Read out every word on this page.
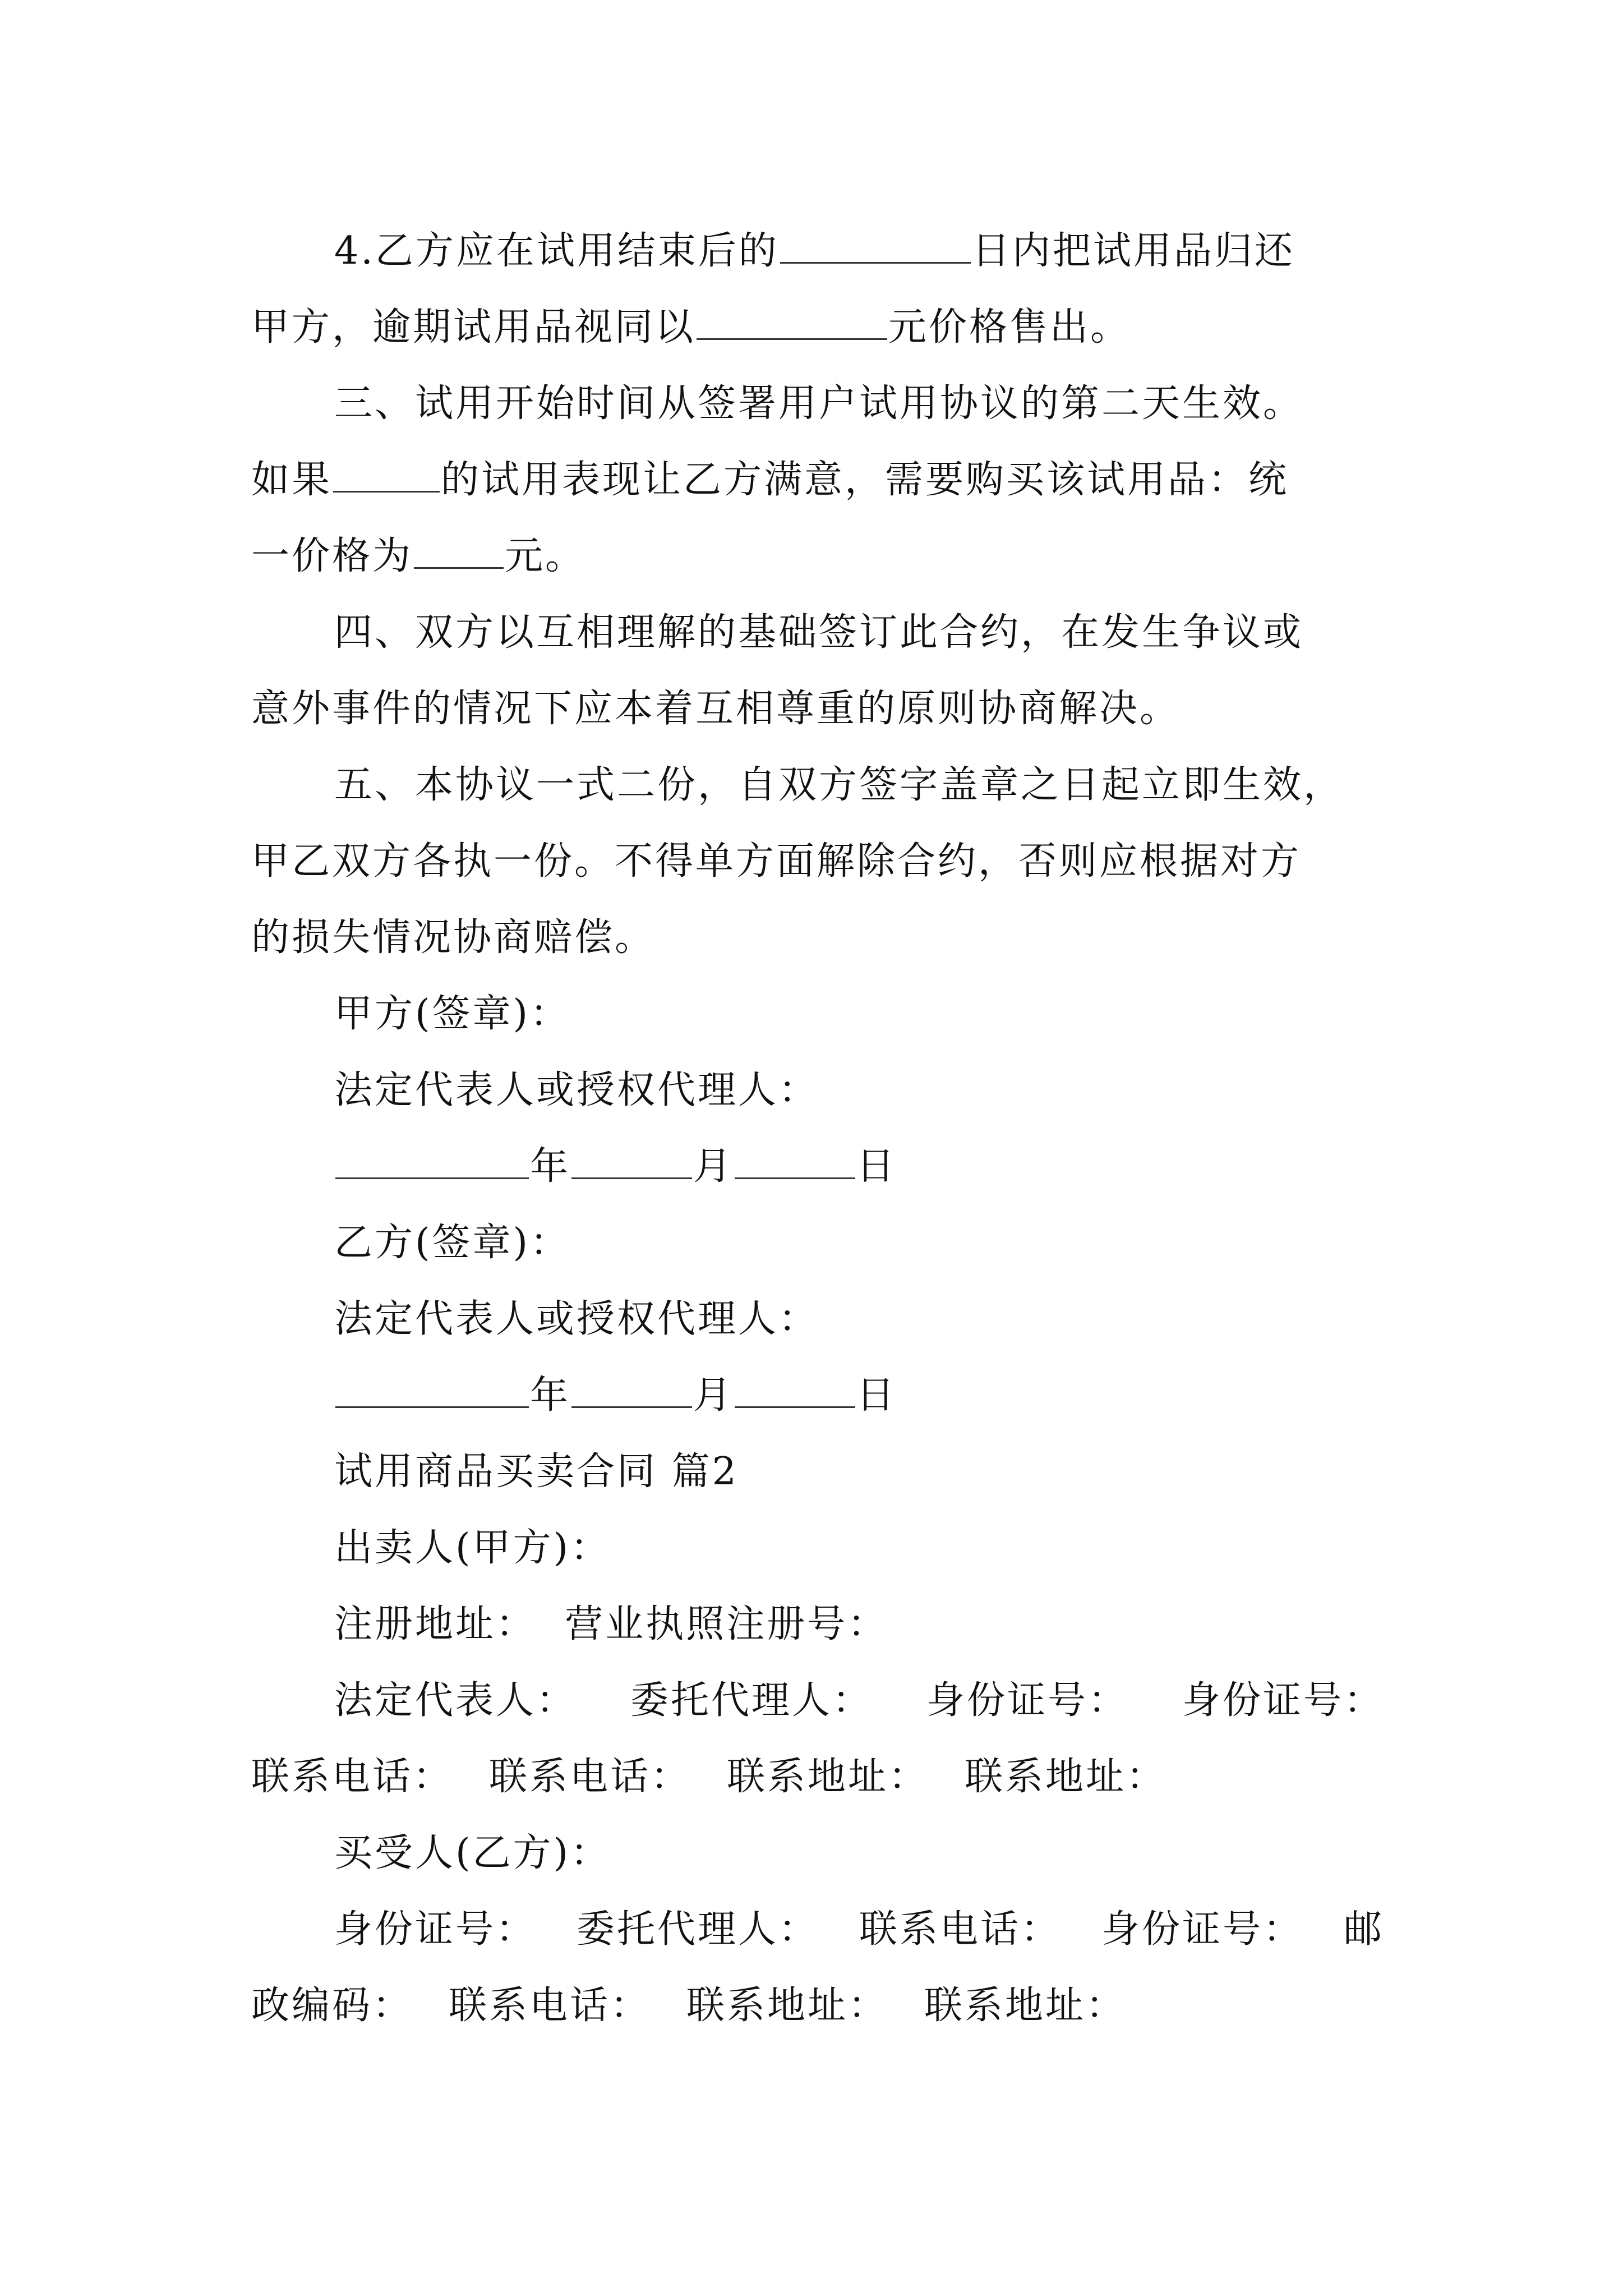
4.乙方应在试用结束后的	日内把试用品归还
甲方，逾期试用品视同以	元价格售出。
三、试用开始时间从签署用户试用协议的第二天生效。
如果	的试用表现让乙方满意，需要购买该试用品：统
一价格为 元。
四、双方以互相理解的基础签订此合约，在发生争议或
意外事件的情况下应本着互相尊重的原则协商解决。
五、本协议一式二份，自双方签字盖章之日起立即生效，
甲乙双方各执一份。不得单方面解除合约，否则应根据对方
的损失情况协商赔偿。
甲方(签章)：
法定代表人或授权代理人：
年	月	日
乙方(签章)：
法定代表人或授权代理人：
年	月	日
试用商品买卖合同 篇2
出卖人(甲方)：
注册地址： 营业执照注册号：
法定代表人： 委托代理人： 身份证号： 身份证号：
联系电话： 联系电话： 联系地址： 联系地址：
买受人(乙方)：
身份证号： 委托代理人： 联系电话： 身份证号： 邮
政编码： 联系电话： 联系地址： 联系地址：
